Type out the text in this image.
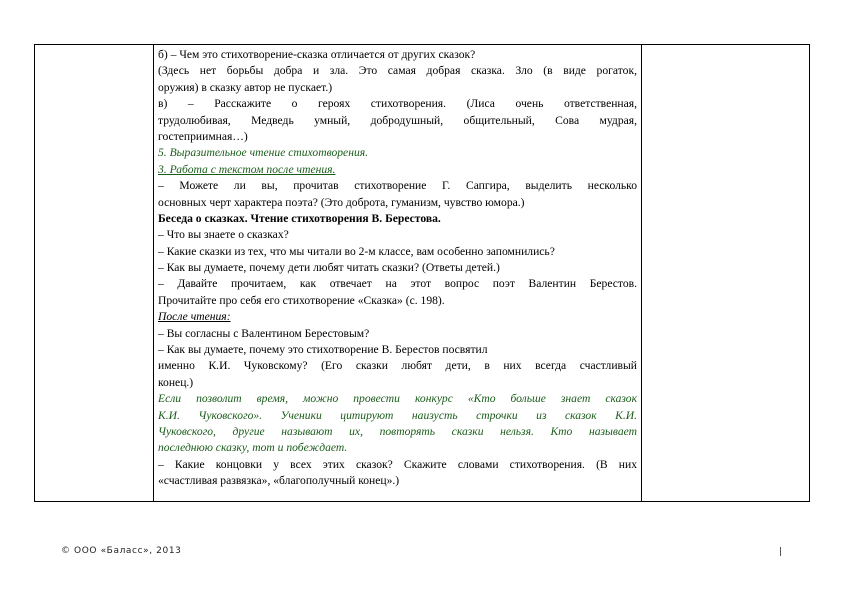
б) – Чем это стихотворение-сказка отличается от других сказок?
(Здесь нет борьбы добра и зла. Это самая добрая сказка. Зло (в виде рогаток,
оружия) в сказку автор не пускает.)
в) – Расскажите о героях стихотворения. (Лиса очень ответственная,
трудолюбивая, Медведь умный, добродушный, общительный, Сова мудрая,
гостеприимная…)
5. Выразительное чтение стихотворения.
3. Работа с текстом после чтения.
– Можете ли вы, прочитав стихотворение Г. Сапгира, выделить несколько
основных черт характера поэта? (Это доброта, гуманизм, чувство юмора.)
Беседа о сказках. Чтение стихотворения В. Берестова.
– Что вы знаете о сказках?
– Какие сказки из тех, что мы читали во 2-м классе, вам особенно запомнились?
– Как вы думаете, почему дети любят читать сказки? (Ответы детей.)
– Давайте прочитаем, как отвечает на этот вопрос поэт Валентин Берестов.
Прочитайте про себя его стихотворение «Сказка» (с. 198).
После чтения:
– Вы согласны с Валентином Берестовым?
– Как вы думаете, почему это стихотворение В. Берестов посвятил
именно К.И. Чуковскому? (Его сказки любят дети, в них всегда счастливый
конец.)
Если позволит время, можно провести конкурс «Кто больше знает сказок
К.И. Чуковского». Ученики цитируют наизусть строчки из сказок К.И.
Чуковского, другие называют их, повторять сказки нельзя. Кто называет
последнюю сказку, тот и побеждает.
– Какие концовки у всех этих сказок? Скажите словами стихотворения. (В них
«счастливая развязка», «благополучный конец».)

© ООО «Баласс», 2013
